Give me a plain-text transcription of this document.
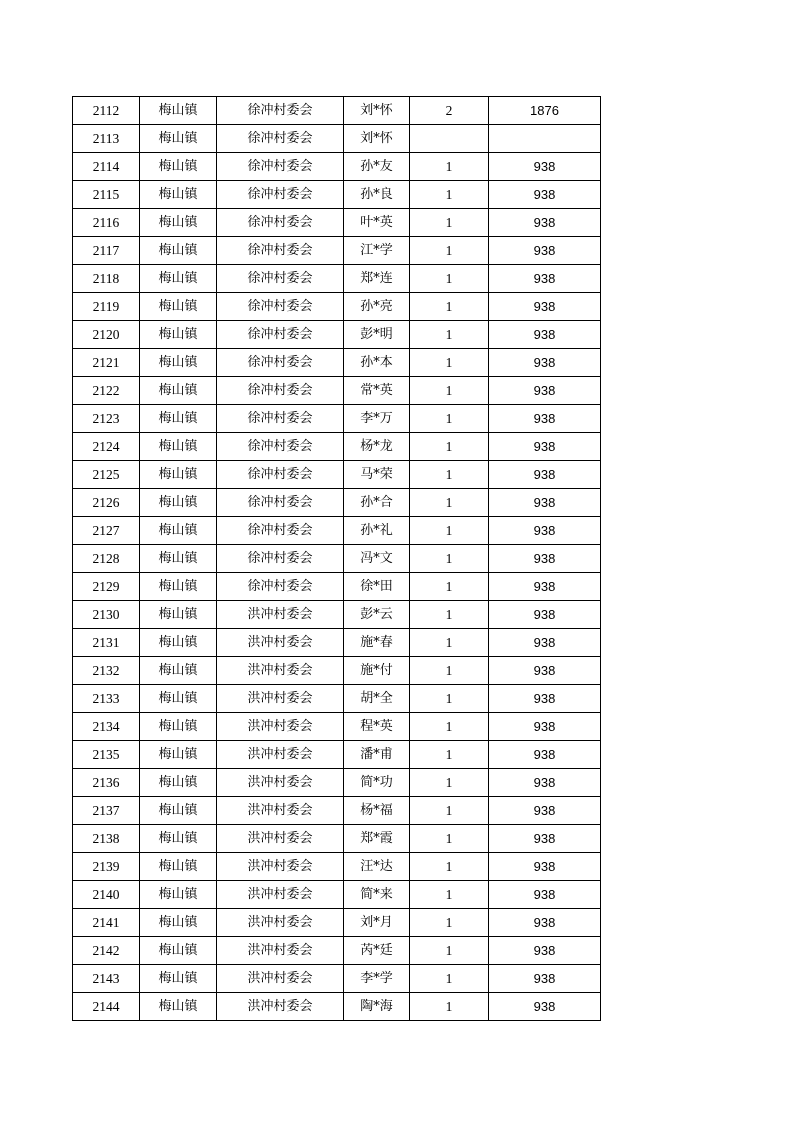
2112	梅山镇	徐冲村委会	刘*怀	2	1876
2113	梅山镇	徐冲村委会	刘*怀		
2114	梅山镇	徐冲村委会	孙*友	1	938
2115	梅山镇	徐冲村委会	孙*良	1	938
2116	梅山镇	徐冲村委会	叶*英	1	938
2117	梅山镇	徐冲村委会	江*学	1	938
2118	梅山镇	徐冲村委会	郑*连	1	938
2119	梅山镇	徐冲村委会	孙*亮	1	938
2120	梅山镇	徐冲村委会	彭*明	1	938
2121	梅山镇	徐冲村委会	孙*本	1	938
2122	梅山镇	徐冲村委会	常*英	1	938
2123	梅山镇	徐冲村委会	李*万	1	938
2124	梅山镇	徐冲村委会	杨*龙	1	938
2125	梅山镇	徐冲村委会	马*荣	1	938
2126	梅山镇	徐冲村委会	孙*合	1	938
2127	梅山镇	徐冲村委会	孙*礼	1	938
2128	梅山镇	徐冲村委会	冯*文	1	938
2129	梅山镇	徐冲村委会	徐*田	1	938
2130	梅山镇	洪冲村委会	彭*云	1	938
2131	梅山镇	洪冲村委会	施*春	1	938
2132	梅山镇	洪冲村委会	施*付	1	938
2133	梅山镇	洪冲村委会	胡*全	1	938
2134	梅山镇	洪冲村委会	程*英	1	938
2135	梅山镇	洪冲村委会	潘*甫	1	938
2136	梅山镇	洪冲村委会	简*功	1	938
2137	梅山镇	洪冲村委会	杨*福	1	938
2138	梅山镇	洪冲村委会	郑*霞	1	938
2139	梅山镇	洪冲村委会	汪*达	1	938
2140	梅山镇	洪冲村委会	简*来	1	938
2141	梅山镇	洪冲村委会	刘*月	1	938
2142	梅山镇	洪冲村委会	芮*廷	1	938
2143	梅山镇	洪冲村委会	李*学	1	938
2144	梅山镇	洪冲村委会	陶*海	1	938
